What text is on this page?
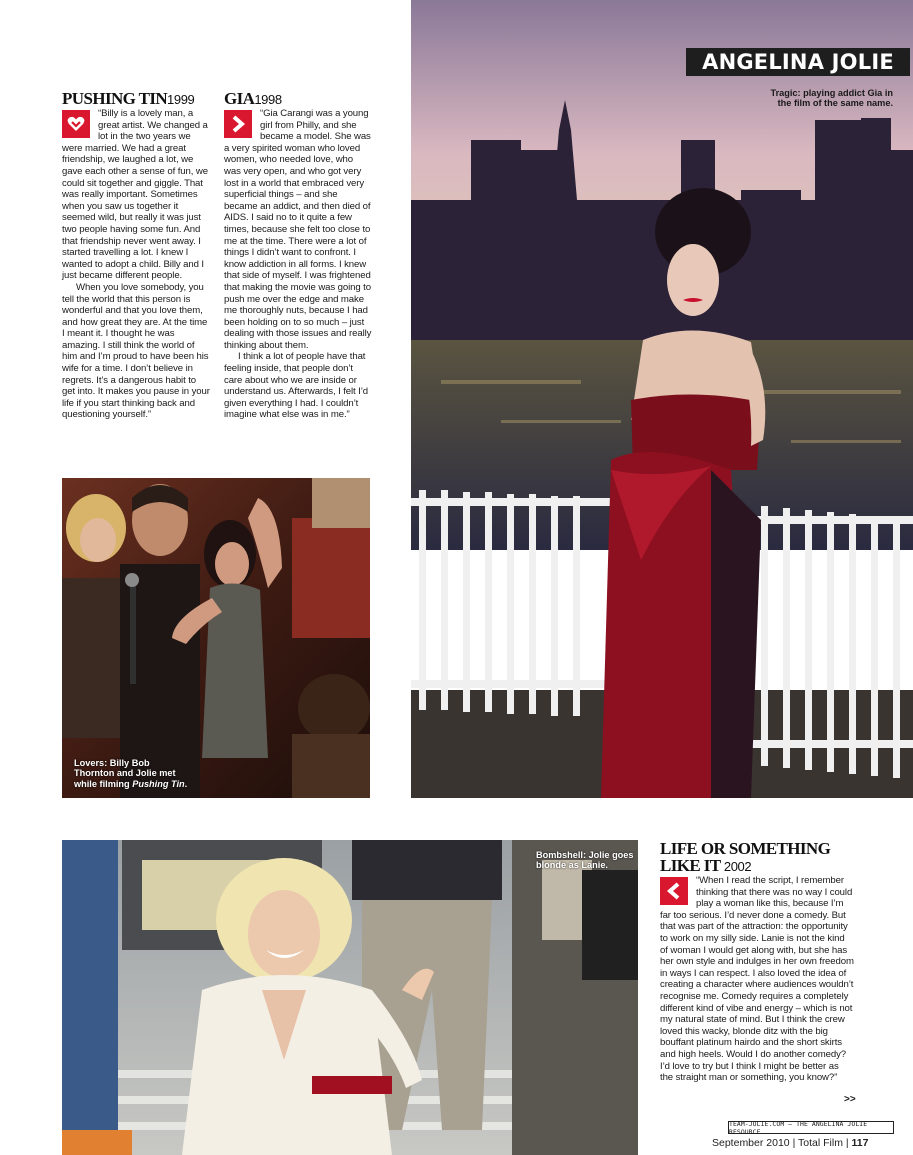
PUSHING TIN1999

“Billy is a lovely man, a great artist. We changed a lot in the two years we were married. We had a great friendship, we laughed a lot, we gave each other a sense of fun, we could sit together and giggle. That was really important. Sometimes when you saw us together it seemed wild, but really it was just two people having some fun. And that friendship never went away. I started travelling a lot. I knew I wanted to adopt a child. Billy and I just became different people.

When you love somebody, you tell the world that this person is wonderful and that you love them, and how great they are. At the time I meant it. I thought he was amazing. I still think the world of him and I’m proud to have been his wife for a time. I don’t believe in regrets. It’s a dangerous habit to get into. It makes you pause in your life if you start thinking back and questioning yourself.”

GIA1998

“Gia Carangi was a young girl from Philly, and she became a model. She was a very spirited woman who loved women, who needed love, who was very open, and who got very lost in a world that embraced very superficial things – and she became an addict, and then died of AIDS. I said no to it quite a few times, because she felt too close to me at the time. There were a lot of things I didn’t want to confront. I know addiction in all forms. I knew that side of myself. I was frightened that making the movie was going to push me over the edge and make me thoroughly nuts, because I had been holding on to so much – just dealing with those issues and really thinking about them.

I think a lot of people have that feeling inside, that people don’t care about who we are inside or understand us. Afterwards, I felt I’d given everything I had. I couldn’t imagine what else was in me.”

Lovers: Billy Bob
Thornton and Jolie met
while filming Pushing Tin.
Tragic: playing addict Gia in
the film of the same name.
ANGELINA JOLIE
Bombshell: Jolie goes
blonde as Lanie.
LIFE OR SOMETHING
LIKE IT 2002

“When I read the script, I remember thinking that there was no way I could play a woman like this, because I’m far too serious. I’d never done a comedy. But that was part of the attraction: the opportunity to work on my silly side. Lanie is not the kind of woman I would get along with, but she has her own style and indulges in her own freedom in ways I can respect. I also loved the idea of creating a character where audiences wouldn’t recognise me. Comedy requires a completely different kind of vibe and energy – which is not my natural state of mind. But I think the crew loved this wacky, blonde ditz with the big bouffant platinum hairdo and the short skirts and high heels. Would I do another comedy? I’d love to try but I think I might be better as the straight man or something, you know?”

>>
TEAM-JOLIE.COM – THE ANGELINA JOLIE RESOURCE
September 2010 | Total Film | 117
